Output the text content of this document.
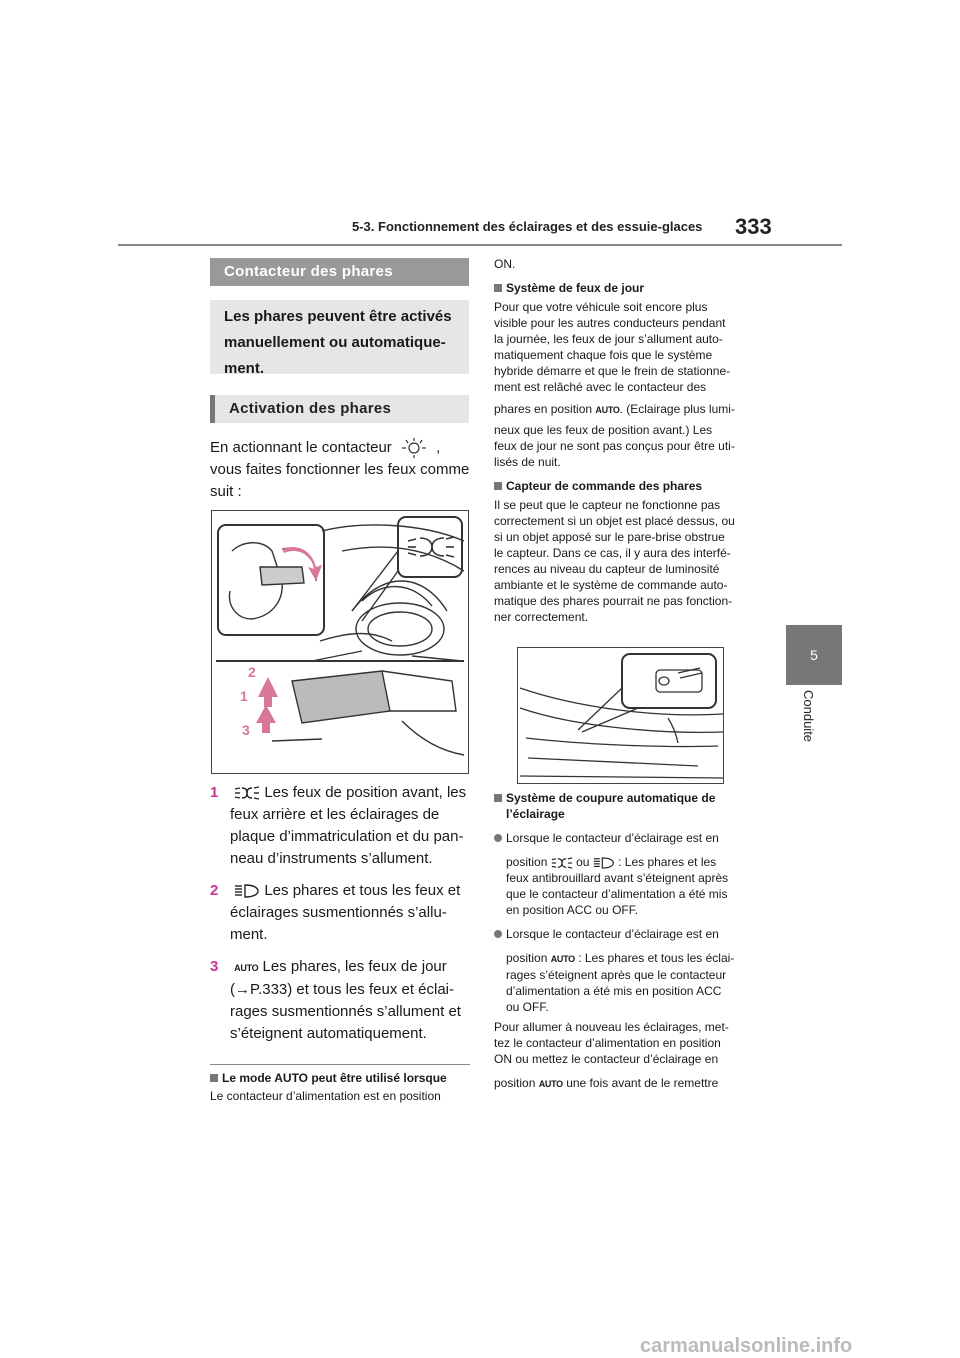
5-3. Fonctionnement des éclairages et des essuie-glaces 333
5
Conduite
Contacteur des phares
Les phares peuvent être activés
manuellement ou automatique-
ment.
Activation des phares
En actionnant le contacteur	,
vous faites fonctionner les feux comme
suit :
2
1
3
1	Les feux de position avant, les
feux arrière et les éclairages de
plaque d’immatriculation et du pan-
neau d’instruments s’allument.
2	Les phares et tous les feux et
éclairages susmentionnés s’allu-
ment.
3 AUTO Les phares, les feux de jour
(→P.333) et tous les feux et éclai-
rages susmentionnés s’allument et
s’éteignent automatiquement.
Le mode AUTO peut être utilisé lorsque
Le contacteur d’alimentation est en position
ON.
Système de feux de jour
Pour que votre véhicule soit encore plus
visible pour les autres conducteurs pendant
la journée, les feux de jour s’allument auto-
matiquement chaque fois que le système
hybride démarre et que le frein de stationne-
ment est relâché avec le contacteur des
phares en position AUTO. (Eclairage plus lumi-
neux que les feux de position avant.) Les
feux de jour ne sont pas conçus pour être uti-
lisés de nuit.
Capteur de commande des phares
Il se peut que le capteur ne fonctionne pas
correctement si un objet est placé dessus, ou
si un objet apposé sur le pare-brise obstrue
le capteur. Dans ce cas, il y aura des interfé-
rences au niveau du capteur de luminosité
ambiante et le système de commande auto-
matique des phares pourrait ne pas fonction-
ner correctement.
Système de coupure automatique de
l’éclairage
Lorsque le contacteur d’éclairage est en
position ou : Les phares et les
feux antibrouillard avant s’éteignent après
que le contacteur d’alimentation a été mis
en position ACC ou OFF.
Lorsque le contacteur d’éclairage est en
position AUTO : Les phares et tous les éclai-
rages s’éteignent après que le contacteur
d’alimentation a été mis en position ACC
ou OFF.
Pour allumer à nouveau les éclairages, met-
tez le contacteur d’alimentation en position
ON ou mettez le contacteur d’éclairage en
position AUTO une fois avant de le remettre
carmanualsonline.info
